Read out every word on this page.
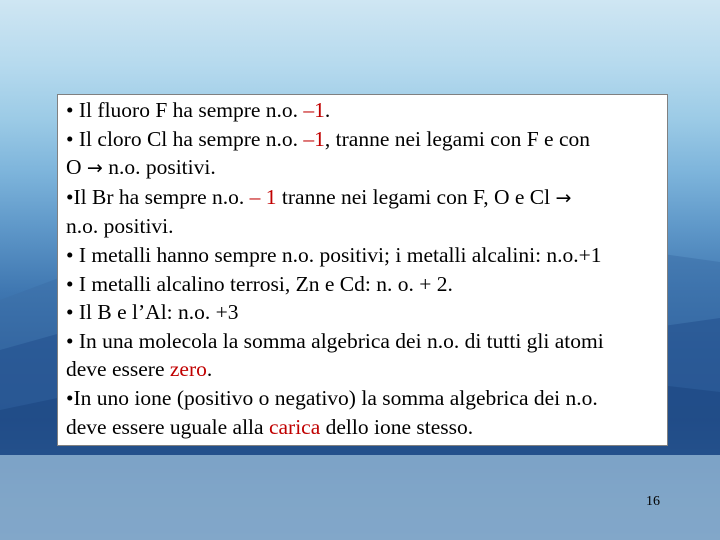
• Il fluoro F ha sempre n.o. –1.

• Il cloro Cl ha sempre n.o. –1, tranne nei legami con F e con

O → n.o. positivi.

•Il Br ha sempre n.o. – 1 tranne nei legami con F, O e Cl →

n.o. positivi.

• I metalli hanno sempre n.o. positivi; i metalli alcalini: n.o.+1

• I metalli alcalino terrosi, Zn e Cd: n. o. + 2.

• Il B e l’Al: n.o. +3

• In una molecola la somma algebrica dei n.o. di tutti gli atomi

deve essere zero.

•In uno ione (positivo o negativo) la somma algebrica dei n.o.

deve essere uguale alla carica dello ione stesso.

16
